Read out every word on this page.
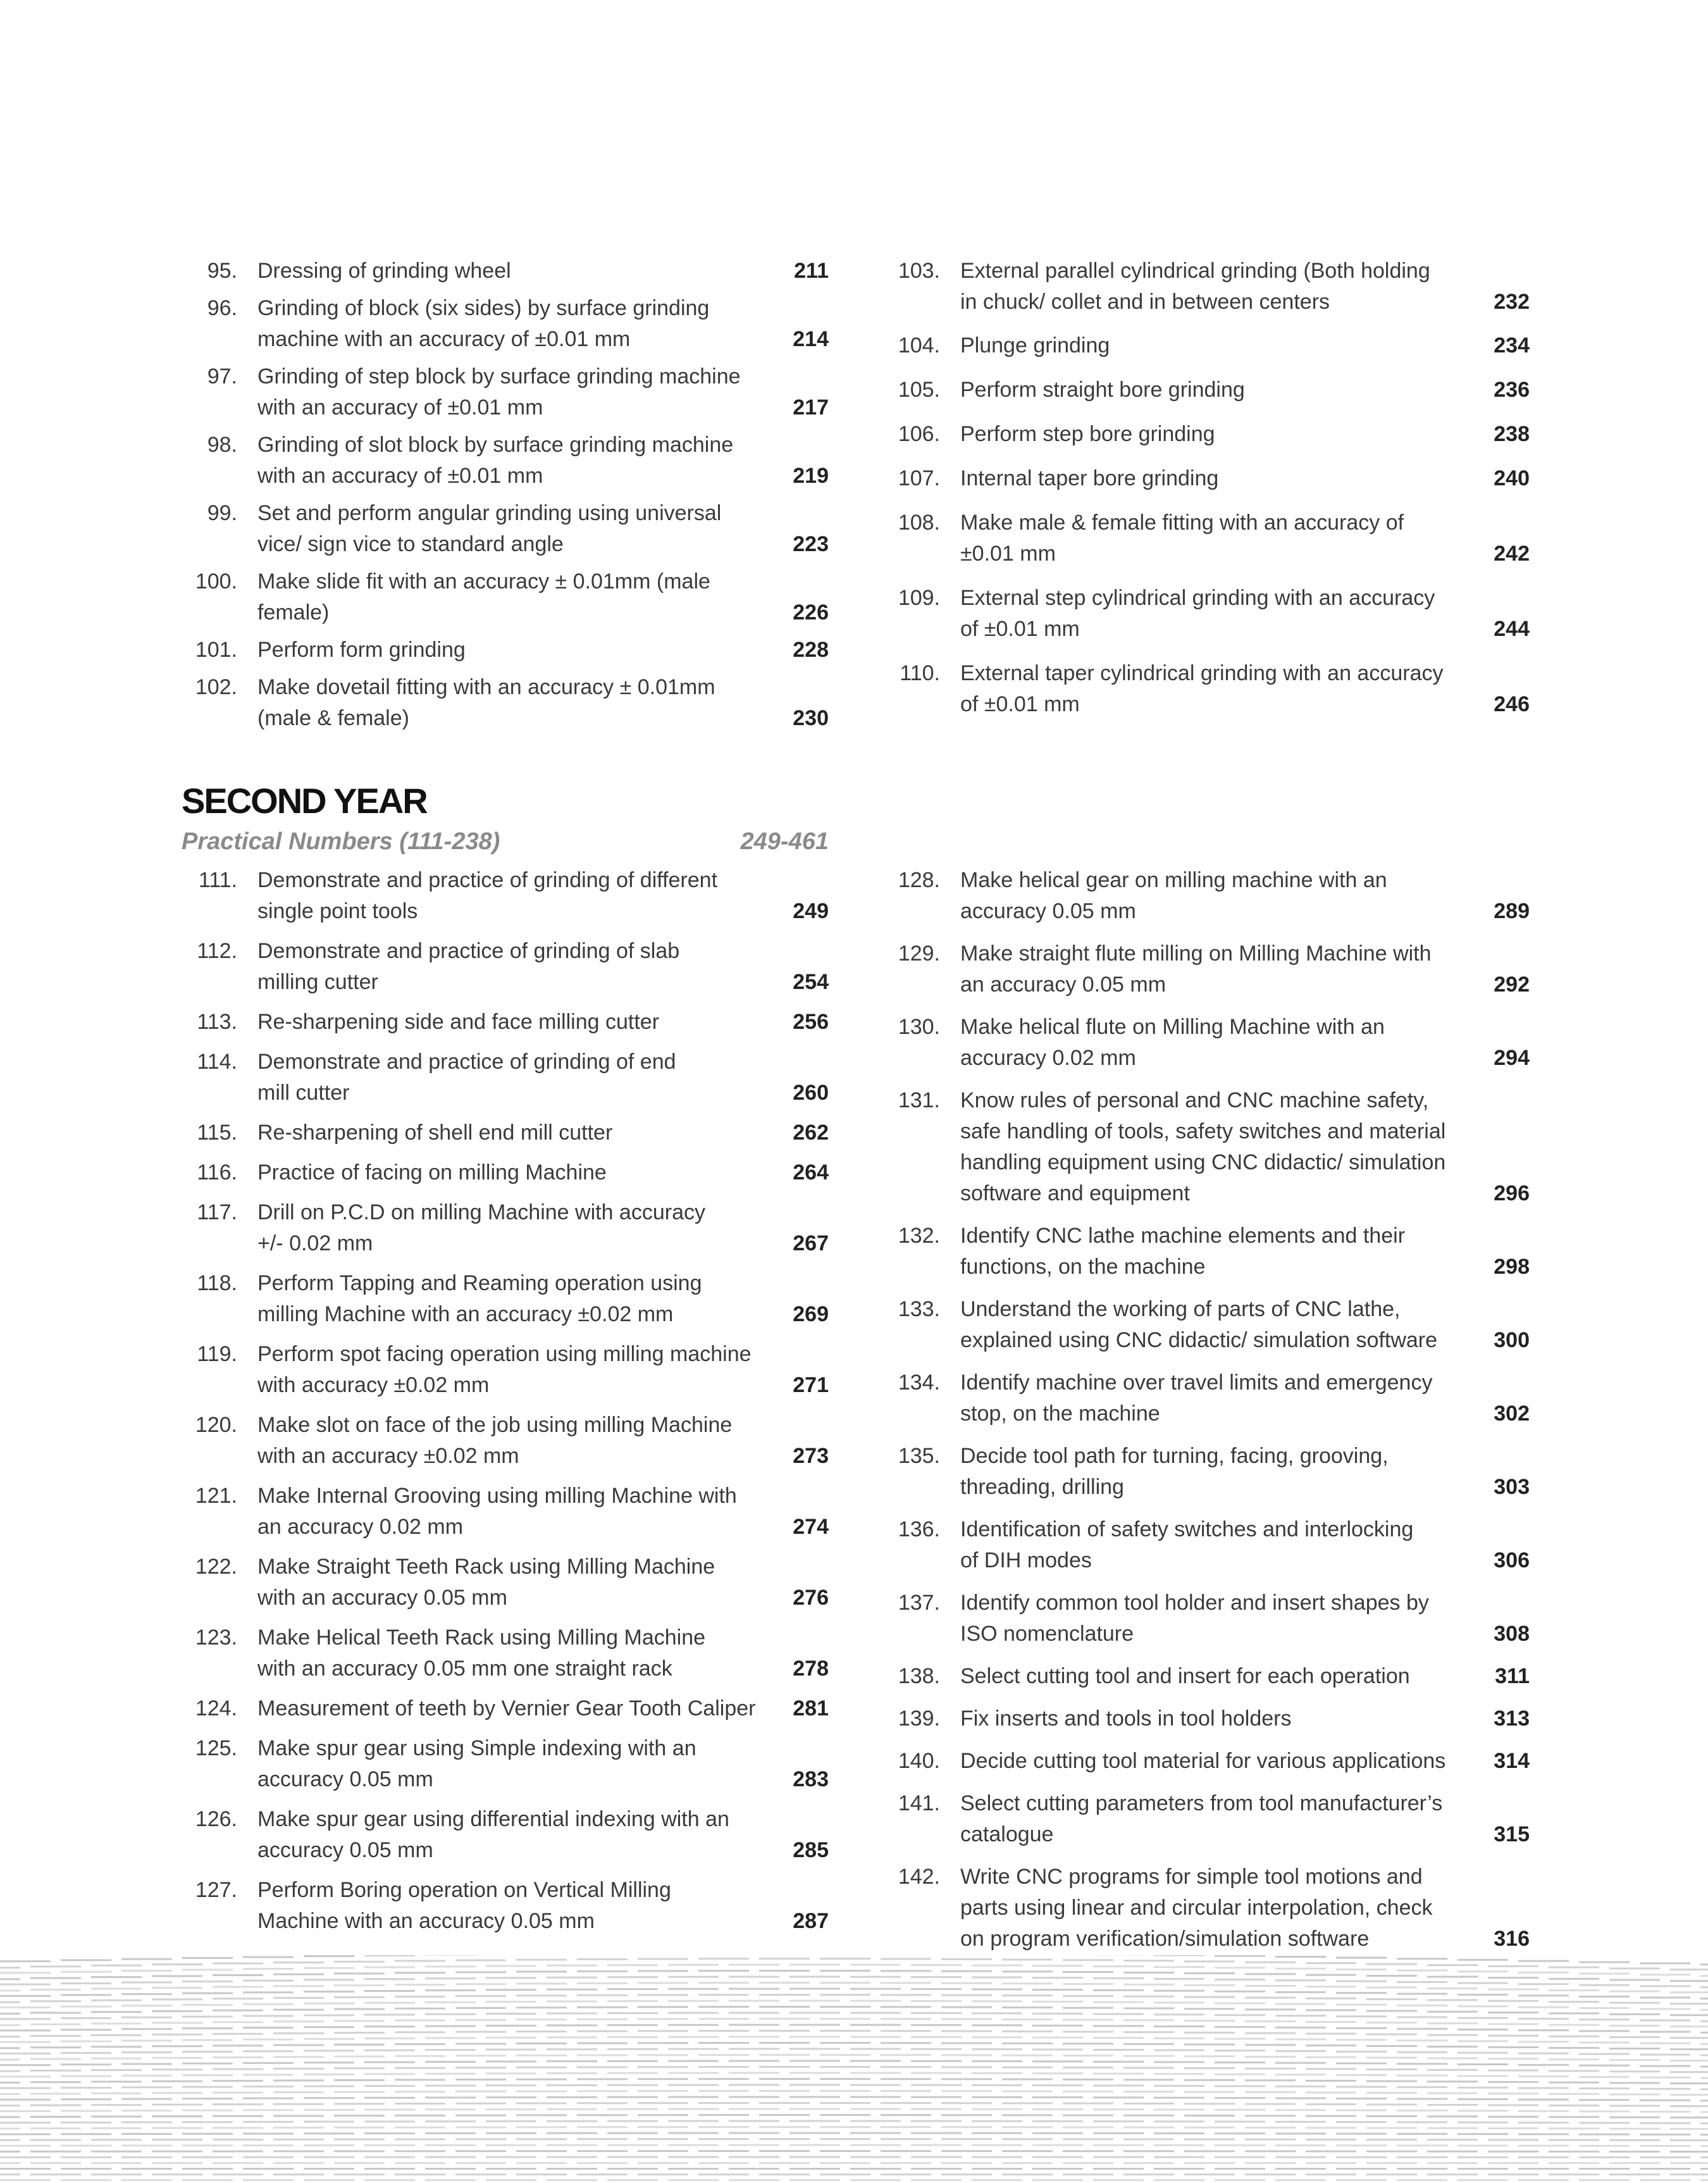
95. Dressing of grinding wheel	211
96. Grinding of block (six sides) by surface grinding
machine with an accuracy of ±0.01 mm	214
97. Grinding of step block by surface grinding machine
with an accuracy of ±0.01 mm	217
98. Grinding of slot block by surface grinding machine
with an accuracy of ±0.01 mm	219
99. Set and perform angular grinding using universal
vice/ sign vice to standard angle	223
100. Make slide fit with an accuracy ± 0.01mm (male
female)	226
101. Perform form grinding	228
102. Make dovetail fitting with an accuracy ± 0.01mm
(male & female)	230
103. External parallel cylindrical grinding (Both holding
in chuck/ collet and in between centers	232
104. Plunge grinding	234
105. Perform straight bore grinding	236
106. Perform step bore grinding	238
107. Internal taper bore grinding	240
108. Make male & female fitting with an accuracy of
±0.01 mm	242
109. External step cylindrical grinding with an accuracy
of ±0.01 mm	244
110. External taper cylindrical grinding with an accuracy
of ±0.01 mm	246
SECOND YEAR
Practical Numbers (111-238)	249-461
111. Demonstrate and practice of grinding of different
single point tools	249
112. Demonstrate and practice of grinding of slab
milling cutter	254
113. Re-sharpening side and face milling cutter	256
114. Demonstrate and practice of grinding of end
mill cutter	260
115. Re-sharpening of shell end mill cutter	262
116. Practice of facing on milling Machine	264
117. Drill on P.C.D on milling Machine with accuracy
+/- 0.02 mm	267
118. Perform Tapping and Reaming operation using
milling Machine with an accuracy ±0.02 mm	269
119. Perform spot facing operation using milling machine
with accuracy ±0.02 mm	271
120. Make slot on face of the job using milling Machine
with an accuracy ±0.02 mm	273
121. Make Internal Grooving using milling Machine with
an accuracy 0.02 mm	274
122. Make Straight Teeth Rack using Milling Machine
with an accuracy 0.05 mm	276
123. Make Helical Teeth Rack using Milling Machine
with an accuracy 0.05 mm one straight rack	278
124. Measurement of teeth by Vernier Gear Tooth Caliper 281
125. Make spur gear using Simple indexing with an
accuracy 0.05 mm	283
126. Make spur gear using differential indexing with an
accuracy 0.05 mm	285
127. Perform Boring operation on Vertical Milling
Machine with an accuracy 0.05 mm	287
128. Make helical gear on milling machine with an
accuracy 0.05 mm	289
129. Make straight flute milling on Milling Machine with
an accuracy 0.05 mm	292
130. Make helical flute on Milling Machine with an
accuracy 0.02 mm	294
131. Know rules of personal and CNC machine safety,
safe handling of tools, safety switches and material
handling equipment using CNC didactic/ simulation
software and equipment	296
132. Identify CNC lathe machine elements and their
functions, on the machine	298
133. Understand the working of parts of CNC lathe,
explained using CNC didactic/ simulation software	300
134. Identify machine over travel limits and emergency
stop, on the machine	302
135. Decide tool path for turning, facing, grooving,
threading, drilling	303
136. Identification of safety switches and interlocking
of DIH modes	306
137. Identify common tool holder and insert shapes by
ISO nomenclature	308
138. Select cutting tool and insert for each operation	311
139. Fix inserts and tools in tool holders	313
140. Decide cutting tool material for various applications 314
141. Select cutting parameters from tool manufacturer’s
catalogue	315
142. Write CNC programs for simple tool motions and
parts using linear and circular interpolation, check
on program verification/simulation software	316
